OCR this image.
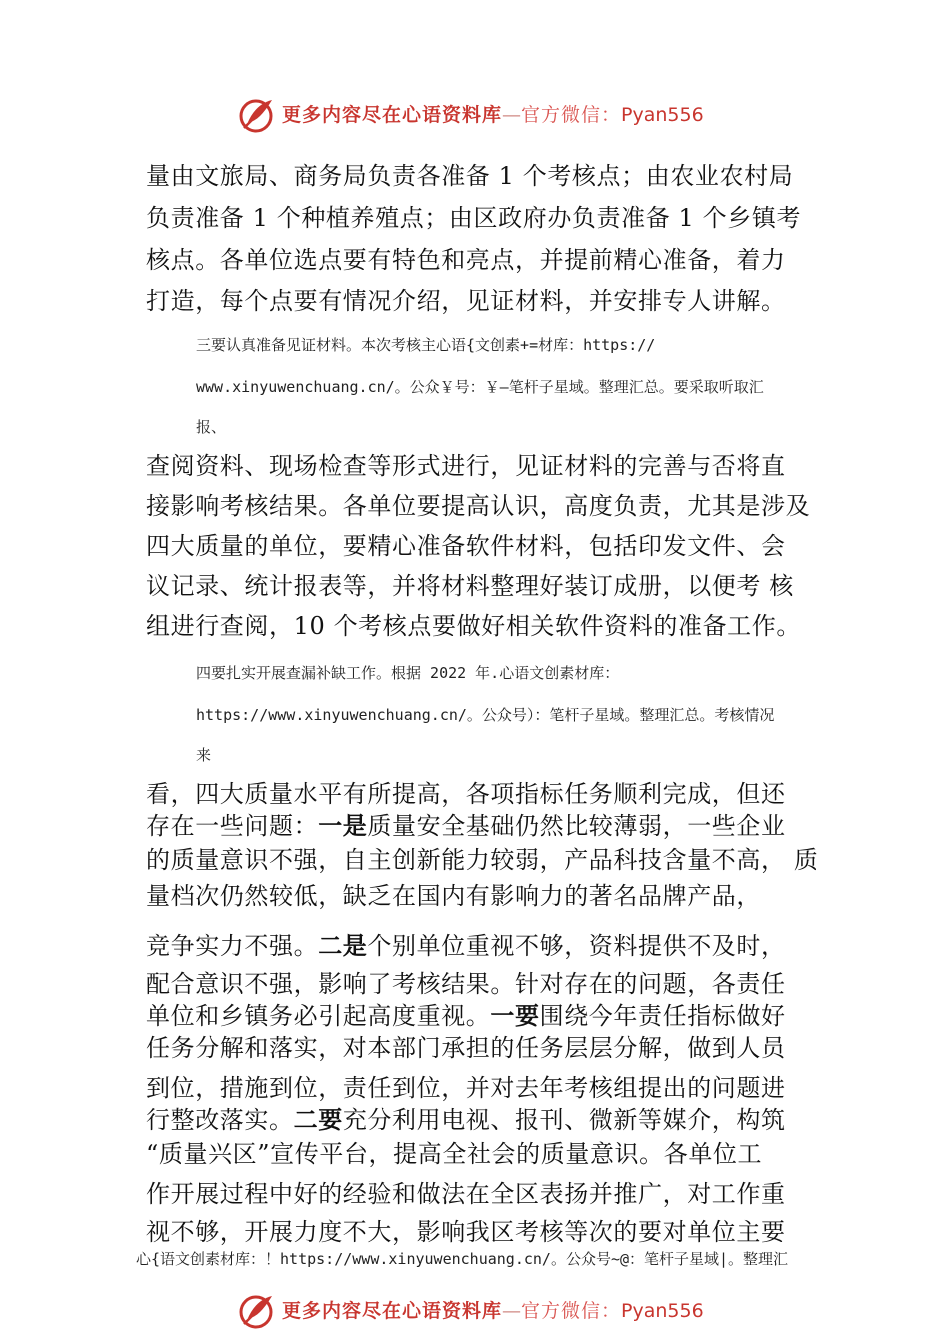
更多内容尽在心语资料库—官方微信：Pyan556
量由文旅局、商务局负责各准备 1 个考核点；由农业农村局
负责准备 1 个种植养殖点；由区政府办负责准备 1 个乡镇考
核点。各单位选点要有特色和亮点，并提前精心准备，着力
打造，每个点要有情况介绍，见证材料，并安排专人讲解。
三要认真准备见证材料。本次考核主心语{文创素+=材库：https://
www.xinyuwenchuang.cn/。公众￥号：￥—笔杆子星域。整理汇总。要采取听取汇
报、
查阅资料、现场检查等形式进行，见证材料的完善与否将直
接影响考核结果。各单位要提高认识，高度负责，尤其是涉及
四大质量的单位，要精心准备软件材料，包括印发文件、会
议记录、统计报表等，并将材料整理好装订成册，以便考 核
组进行查阅，10 个考核点要做好相关软件资料的准备工作。
四要扎实开展查漏补缺工作。根据 2022 年.心语文创素材库：
https://www.xinyuwenchuang.cn/。公众号）：笔杆子星域。整理汇总。考核情况
来
看，四大质量水平有所提高，各项指标任务顺利完成，但还
存在一些问题：一是质量安全基础仍然比较薄弱，一些企业
的质量意识不强，自主创新能力较弱，产品科技含量不高， 质
量档次仍然较低，缺乏在国内有影响力的著名品牌产品，
竞争实力不强。二是个别单位重视不够，资料提供不及时，
配合意识不强，影响了考核结果。针对存在的问题，各责任
单位和乡镇务必引起高度重视。一要围绕今年责任指标做好
任务分解和落实，对本部门承担的任务层层分解，做到人员
到位，措施到位，责任到位，并对去年考核组提出的问题进
行整改落实。二要充分利用电视、报刊、微新等媒介，构筑
“质量兴区”宣传平台，提高全社会的质量意识。各单位工
作开展过程中好的经验和做法在全区表扬并推广，对工作重
视不够，开展力度不大，影响我区考核等次的要对单位主要
心{语文创素材库：！https://www.xinyuwenchuang.cn/。公众号~@：笔杆子星域|。整理汇
更多内容尽在心语资料库—官方微信：Pyan556
